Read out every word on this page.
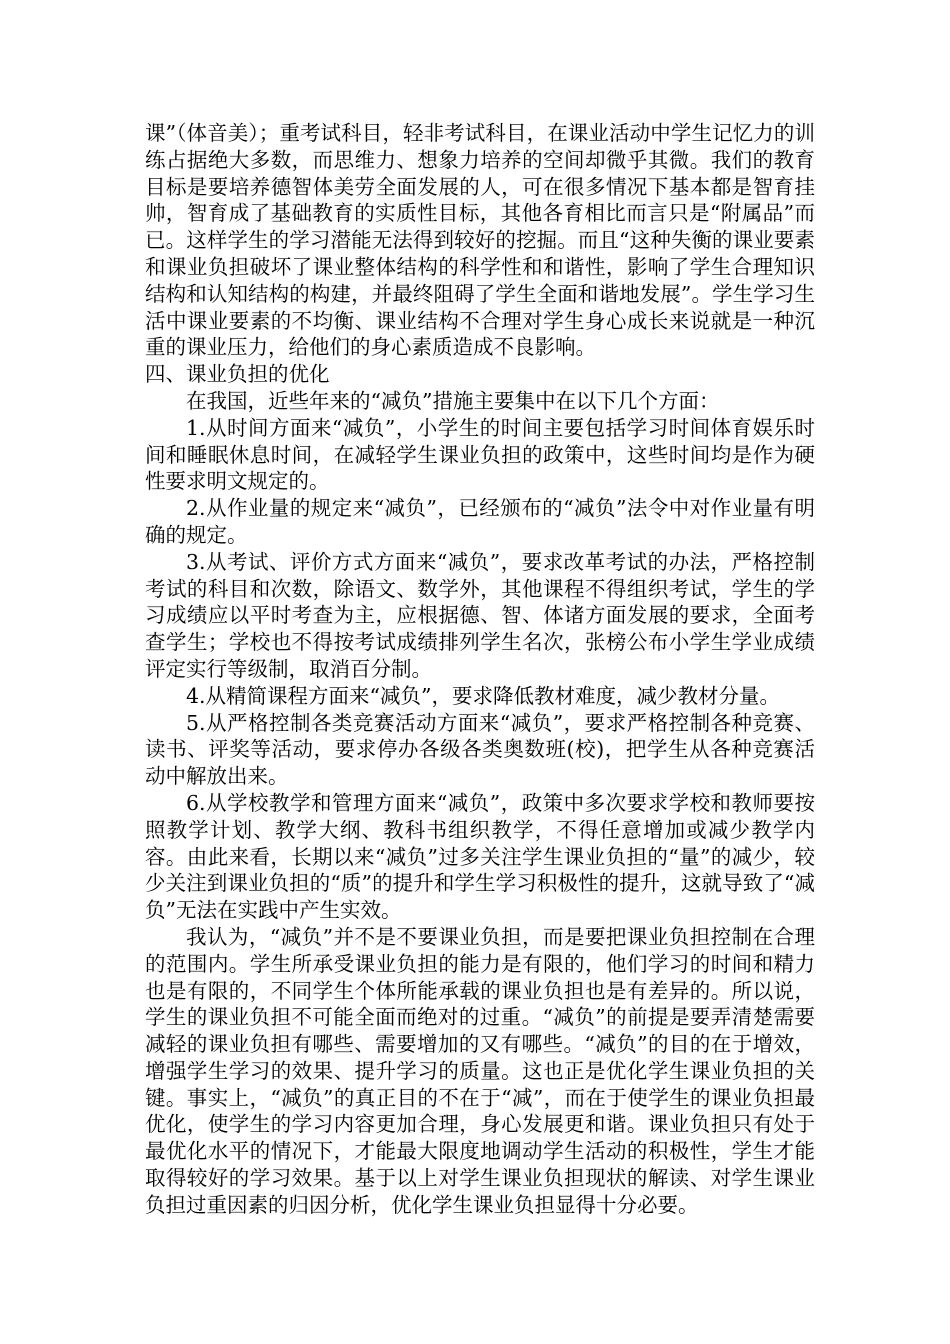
课”（体音美）；重考试科目，轻非考试科目，在课业活动中学生记忆力的训练占据绝大多数，而思维力、想象力培养的空间却微乎其微。我们的教育目标是要培养德智体美劳全面发展的人，可在很多情况下基本都是智育挂帅，智育成了基础教育的实质性目标，其他各育相比而言只是“附属品”而已。这样学生的学习潜能无法得到较好的挖掘。而且“这种失衡的课业要素和课业负担破坏了课业整体结构的科学性和和谐性，影响了学生合理知识结构和认知结构的构建，并最终阻碍了学生全面和谐地发展”。学生学习生活中课业要素的不均衡、课业结构不合理对学生身心成长来说就是一种沉重的课业压力，给他们的身心素质造成不良影响。

四、课业负担的优化

在我国，近些年来的“减负”措施主要集中在以下几个方面：

1.从时间方面来“减负”，小学生的时间主要包括学习时间体育娱乐时间和睡眠休息时间，在减轻学生课业负担的政策中，这些时间均是作为硬性要求明文规定的。

2.从作业量的规定来“减负”，已经颁布的“减负”法令中对作业量有明确的规定。

3.从考试、评价方式方面来“减负”，要求改革考试的办法，严格控制考试的科目和次数，除语文、数学外，其他课程不得组织考试，学生的学习成绩应以平时考查为主，应根据德、智、体诸方面发展的要求，全面考查学生；学校也不得按考试成绩排列学生名次，张榜公布小学生学业成绩评定实行等级制，取消百分制。

4.从精简课程方面来“减负”，要求降低教材难度，减少教材分量。

5.从严格控制各类竞赛活动方面来“减负”，要求严格控制各种竞赛、读书、评奖等活动，要求停办各级各类奥数班(校)，把学生从各种竞赛活动中解放出来。

6.从学校教学和管理方面来“减负”，政策中多次要求学校和教师要按照教学计划、教学大纲、教科书组织教学，不得任意增加或减少教学内容。由此来看，长期以来“减负”过多关注学生课业负担的“量”的减少，较少关注到课业负担的“质”的提升和学生学习积极性的提升，这就导致了“减负”无法在实践中产生实效。

我认为，“减负”并不是不要课业负担，而是要把课业负担控制在合理的范围内。学生所承受课业负担的能力是有限的，他们学习的时间和精力也是有限的，不同学生个体所能承载的课业负担也是有差异的。所以说，学生的课业负担不可能全面而绝对的过重。“减负”的前提是要弄清楚需要减轻的课业负担有哪些、需要增加的又有哪些。“减负”的目的在于增效，增强学生学习的效果、提升学习的质量。这也正是优化学生课业负担的关键。事实上，“减负”的真正目的不在于“减”，而在于使学生的课业负担最优化，使学生的学习内容更加合理，身心发展更和谐。课业负担只有处于最优化水平的情况下，才能最大限度地调动学生活动的积极性，学生才能取得较好的学习效果。基于以上对学生课业负担现状的解读、对学生课业负担过重因素的归因分析，优化学生课业负担显得十分必要。
